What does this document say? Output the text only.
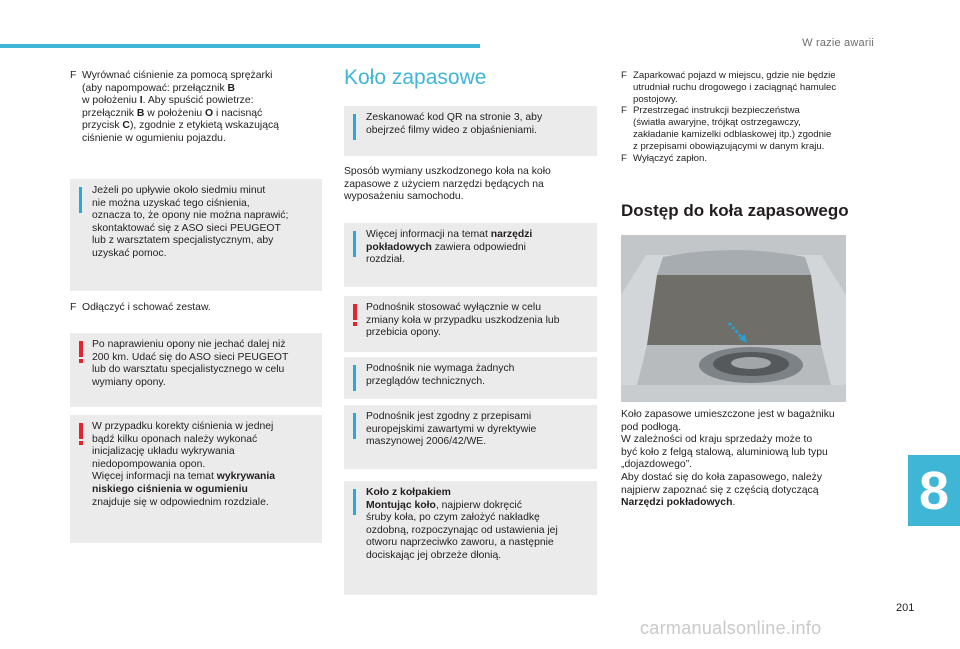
W razie awarii
F Wyrównać ciśnienie za pomocą sprężarki
(aby napompować: przełącznik B
w położeniu I. Aby spuścić powietrze:
przełącznik B w położeniu O i nacisnąć
przycisk C), zgodnie z etykietą wskazującą
ciśnienie w ogumieniu pojazdu.
Jeżeli po upływie około siedmiu minut
nie można uzyskać tego ciśnienia,
oznacza to, że opony nie można naprawić;
skontaktować się z ASO sieci PEUGEOT
lub z warsztatem specjalistycznym, aby
uzyskać pomoc.
F Odłączyć i schować zestaw.
Po naprawieniu opony nie jechać dalej niż
200 km. Udać się do ASO sieci PEUGEOT
lub do warsztatu specjalistycznego w celu
wymiany opony.
W przypadku korekty ciśnienia w jednej
bądź kilku oponach należy wykonać
inicjalizację układu wykrywania
niedopompowania opon.
Więcej informacji na temat wykrywania
niskiego ciśnienia w ogumieniu
znajduje się w odpowiednim rozdziale.
Koło zapasowe
Zeskanować kod QR na stronie 3, aby
obejrzeć filmy wideo z objaśnieniami.
Sposób wymiany uszkodzonego koła na koło
zapasowe z użyciem narzędzi będących na
wyposażeniu samochodu.
Więcej informacji na temat narzędzi
pokładowych zawiera odpowiedni
rozdział.
Podnośnik stosować wyłącznie w celu
zmiany koła w przypadku uszkodzenia lub
przebicia opony.
Podnośnik nie wymaga żadnych
przeglądów technicznych.
Podnośnik jest zgodny z przepisami
europejskimi zawartymi w dyrektywie
maszynowej 2006/42/WE.
Koło z kołpakiem
Montując koło, najpierw dokręcić
śruby koła, po czym założyć nakładkę
ozdobną, rozpoczynając od ustawienia jej
otworu naprzeciwko zaworu, a następnie
dociskając jej obrzeże dłonią.
F Zaparkować pojazd w miejscu, gdzie nie będzie
utrudniał ruchu drogowego i zaciągnąć hamulec
postojowy.
F Przestrzegać instrukcji bezpieczeństwa
(światła awaryjne, trójkąt ostrzegawczy,
zakładanie kamizelki odblaskowej itp.) zgodnie
z przepisami obowiązującymi w danym kraju.
F Wyłączyć zapłon.
Dostęp do koła zapasowego
Koło zapasowe umieszczone jest w bagażniku
pod podłogą.
W zależności od kraju sprzedaży może to
być koło z felgą stalową, aluminiową lub typu
„dojazdowego”.
Aby dostać się do koła zapasowego, należy
najpierw zapoznać się z częścią dotyczącą
Narzędzi pokładowych.	8
201
carmanualsonline.info
